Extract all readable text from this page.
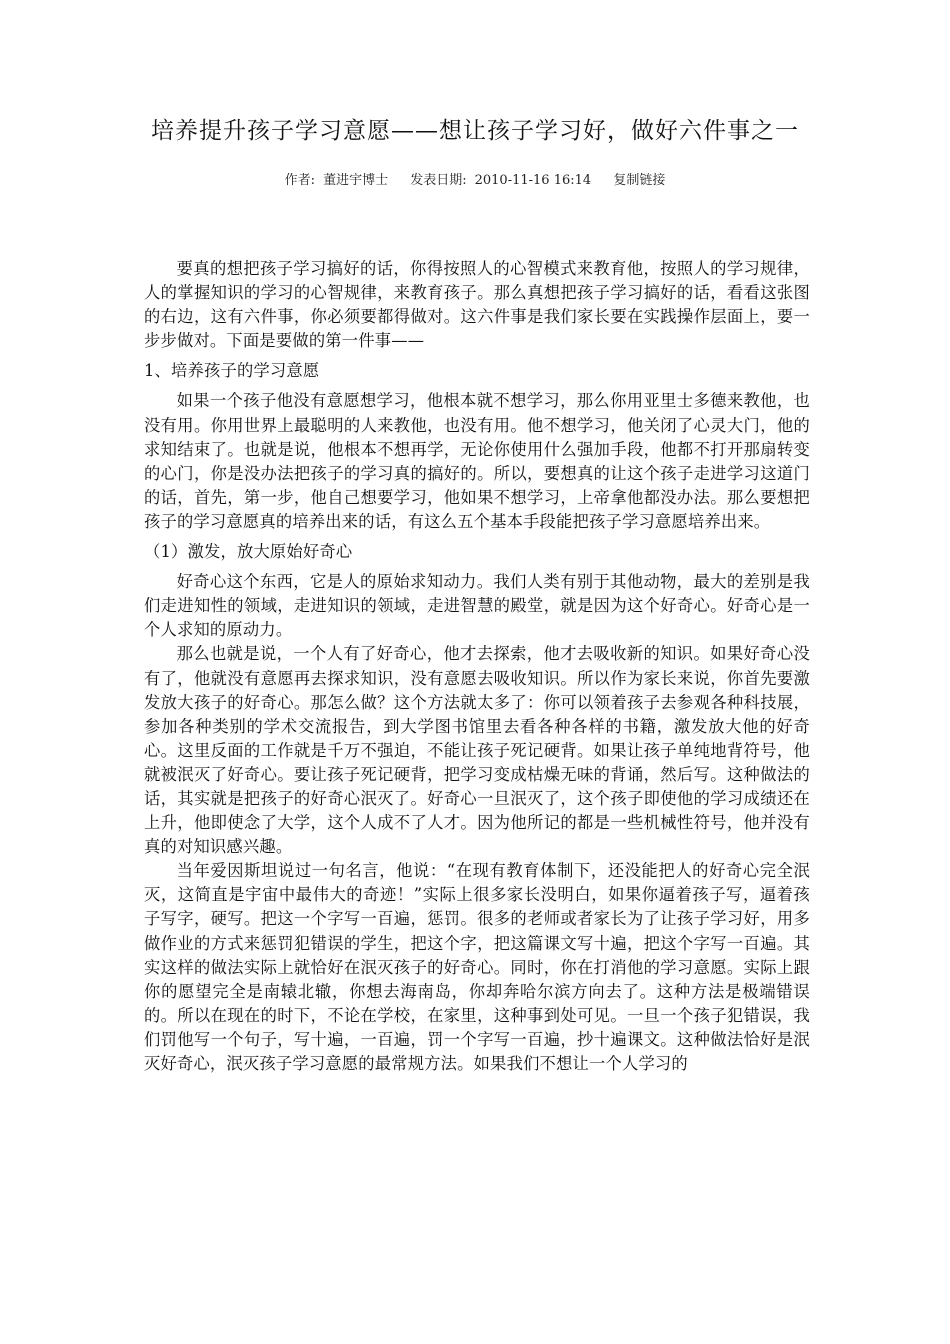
培养提升孩子学习意愿——想让孩子学习好，做好六件事之一
作者: 董进宇博士 发表日期: 2010-11-16 16:14 复制链接

要真的想把孩子学习搞好的话，你得按照人的心智模式来教育他，按照人的学习规律，人的掌握知识的学习的心智规律，来教育孩子。那么真想把孩子学习搞好的话，看看这张图的右边，这有六件事，你必须要都得做对。这六件事是我们家长要在实践操作层面上，要一步步做对。下面是要做的第一件事——

1、培养孩子的学习意愿

如果一个孩子他没有意愿想学习，他根本就不想学习，那么你用亚里士多德来教他，也没有用。你用世界上最聪明的人来教他，也没有用。他不想学习，他关闭了心灵大门，他的求知结束了。也就是说，他根本不想再学，无论你使用什么强加手段，他都不打开那扇转变的心门，你是没办法把孩子的学习真的搞好的。所以，要想真的让这个孩子走进学习这道门的话，首先，第一步，他自己想要学习，他如果不想学习，上帝拿他都没办法。那么要想把孩子的学习意愿真的培养出来的话，有这么五个基本手段能把孩子学习意愿培养出来。

（1）激发，放大原始好奇心

好奇心这个东西，它是人的原始求知动力。我们人类有别于其他动物，最大的差别是我们走进知性的领域，走进知识的领域，走进智慧的殿堂，就是因为这个好奇心。好奇心是一个人求知的原动力。

那么也就是说，一个人有了好奇心，他才去探索，他才去吸收新的知识。如果好奇心没有了，他就没有意愿再去探求知识，没有意愿去吸收知识。所以作为家长来说，你首先要激发放大孩子的好奇心。那怎么做？这个方法就太多了：你可以领着孩子去参观各种科技展，参加各种类别的学术交流报告，到大学图书馆里去看各种各样的书籍，激发放大他的好奇心。这里反面的工作就是千万不强迫，不能让孩子死记硬背。如果让孩子单纯地背符号，他就被泯灭了好奇心。要让孩子死记硬背，把学习变成枯燥无味的背诵，然后写。这种做法的话，其实就是把孩子的好奇心泯灭了。好奇心一旦泯灭了，这个孩子即使他的学习成绩还在上升，他即使念了大学，这个人成不了人才。因为他所记的都是一些机械性符号，他并没有真的对知识感兴趣。

当年爱因斯坦说过一句名言，他说：“在现有教育体制下，还没能把人的好奇心完全泯灭，这简直是宇宙中最伟大的奇迹！”实际上很多家长没明白，如果你逼着孩子写，逼着孩子写字，硬写。把这一个字写一百遍，惩罚。很多的老师或者家长为了让孩子学习好，用多做作业的方式来惩罚犯错误的学生，把这个字，把这篇课文写十遍，把这个字写一百遍。其实这样的做法实际上就恰好在泯灭孩子的好奇心。同时，你在打消他的学习意愿。实际上跟你的愿望完全是南辕北辙，你想去海南岛，你却奔哈尔滨方向去了。这种方法是极端错误的。所以在现在的时下，不论在学校，在家里，这种事到处可见。一旦一个孩子犯错误，我们罚他写一个句子，写十遍，一百遍，罚一个字写一百遍，抄十遍课文。这种做法恰好是泯灭好奇心，泯灭孩子学习意愿的最常规方法。如果我们不想让一个人学习的
